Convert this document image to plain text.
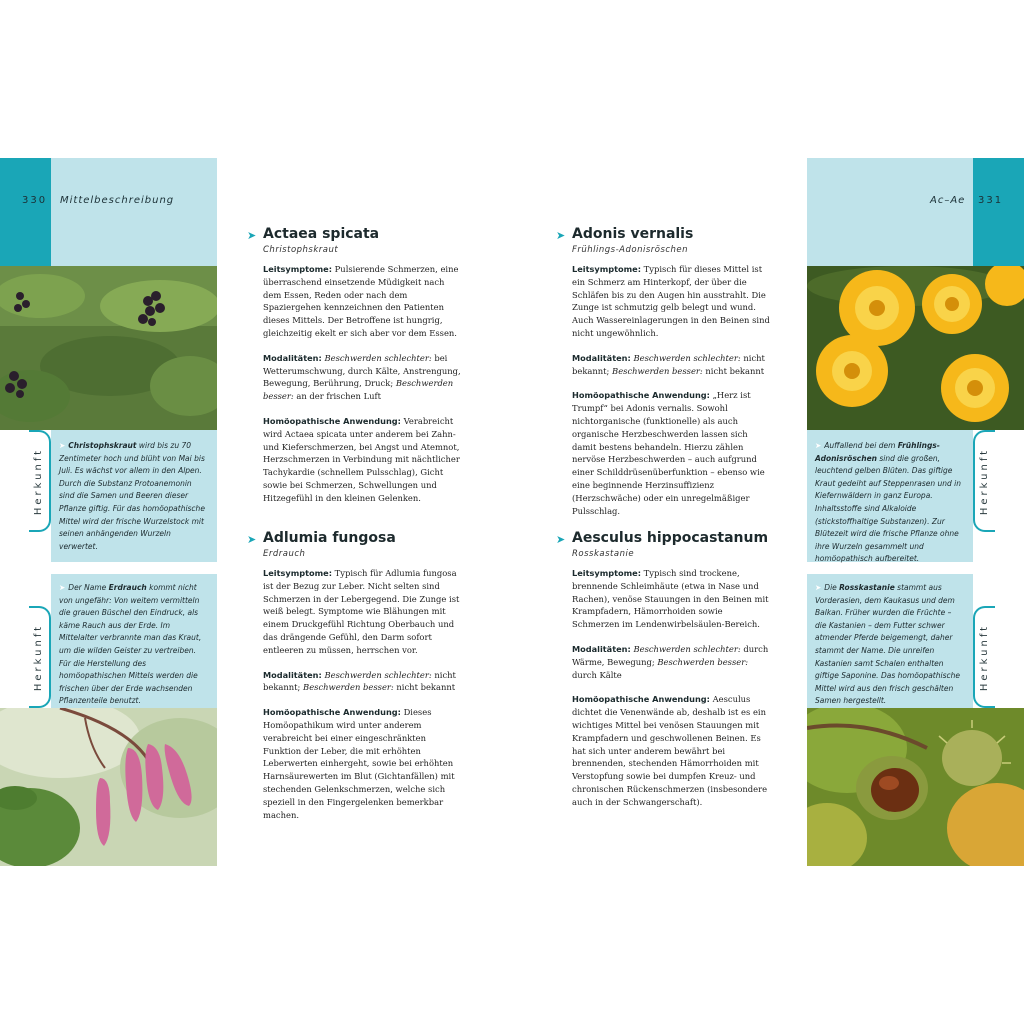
330 Mittelbeschreibung	Ac–Ae 331
➤ Christophskraut wird bis zu 70 Zentimeter hoch und blüht von Mai bis Juli. Es wächst vor allem in den Alpen. Durch die Substanz Protoanemonin sind die Samen und Beeren dieser Pflanze giftig. Für das homöopathische Mittel wird der frische Wurzelstock mit seinen anhängenden Wurzeln verwertet.
Herkunft
➤ Der Name Erdrauch kommt nicht von ungefähr: Von weitem vermitteln die grauen Büschel den Eindruck, als käme Rauch aus der Erde. Im Mittelalter verbrannte man das Kraut, um die wilden Geister zu vertreiben. Für die Herstellung des homöopathischen Mittels werden die frischen über der Erde wachsenden Pflanzenteile benutzt.
Herkunft
➤ Auffallend bei dem Frühlings-Adonisröschen sind die großen, leuchtend gelben Blüten. Das giftige Kraut gedeiht auf Steppenrasen und in Kiefernwäldern in ganz Europa. Inhaltsstoffe sind Alkaloide (stickstoffhaltige Substanzen). Zur Blütezeit wird die frische Pflanze ohne ihre Wurzeln gesammelt und homöopathisch aufbereitet.
Herkunft
➤ Die Rosskastanie stammt aus Vorderasien, dem Kaukasus und dem Balkan. Früher wurden die Früchte – die Kastanien – dem Futter schwer atmender Pferde beigemengt, daher stammt der Name. Die unreifen Kastanien samt Schalen enthalten giftige Saponine. Das homöopathische Mittel wird aus den frisch geschälten Samen hergestellt.
Herkunft
➤ Actaea spicata
Christophskraut

Leitsymptome: Pulsierende Schmerzen, eine überraschend einsetzende Müdigkeit nach dem Essen, Reden oder nach dem Spaziergehen kennzeichnen den Patienten dieses Mittels. Der Betroffene ist hungrig, gleichzeitig ekelt er sich aber vor dem Essen.

Modalitäten: Beschwerden schlechter: bei Wetterumschwung, durch Kälte, Anstrengung, Bewegung, Berührung, Druck; Beschwerden besser: an der frischen Luft

Homöopathische Anwendung: Verabreicht wird Actaea spicata unter anderem bei Zahn- und Kieferschmerzen, bei Angst und Atemnot, Herzschmerzen in Verbindung mit nächtlicher Tachykardie (schnellem Pulsschlag), Gicht sowie bei Schmerzen, Schwellungen und Hitzegefühl in den kleinen Gelenken.

➤ Adlumia fungosa
Erdrauch

Leitsymptome: Typisch für Adlumia fungosa ist der Bezug zur Leber. Nicht selten sind Schmerzen in der Lebergegend. Die Zunge ist weiß belegt. Symptome wie Blähungen mit einem Druckgefühl Richtung Oberbauch und das drängende Gefühl, den Darm sofort entleeren zu müssen, herrschen vor.

Modalitäten: Beschwerden schlechter: nicht bekannt; Beschwerden besser: nicht bekannt

Homöopathische Anwendung: Dieses Homöopathikum wird unter anderem verabreicht bei einer eingeschränkten Funktion der Leber, die mit erhöhten Leberwerten einhergeht, sowie bei erhöhten Harnsäurewerten im Blut (Gichtanfällen) mit stechenden Gelenkschmerzen, welche sich speziell in den Fingergelenken bemerkbar machen.

➤ Adonis vernalis
Frühlings-Adonisröschen

Leitsymptome: Typisch für dieses Mittel ist ein Schmerz am Hinterkopf, der über die Schläfen bis zu den Augen hin ausstrahlt. Die Zunge ist schmutzig gelb belegt und wund. Auch Wassereinlagerungen in den Beinen sind nicht ungewöhnlich.

Modalitäten: Beschwerden schlechter: nicht bekannt; Beschwerden besser: nicht bekannt

Homöopathische Anwendung: „Herz ist Trumpf“ bei Adonis vernalis. Sowohl nichtorganische (funktionelle) als auch organische Herzbeschwerden lassen sich damit bestens behandeln. Hierzu zählen nervöse Herzbeschwerden – auch aufgrund einer Schilddrüsenüberfunktion – ebenso wie eine beginnende Herzinsuffizienz (Herzschwäche) oder ein unregelmäßiger Pulsschlag.

➤ Aesculus hippocastanum
Rosskastanie

Leitsymptome: Typisch sind trockene, brennende Schleimhäute (etwa in Nase und Rachen), venöse Stauungen in den Beinen mit Krampfadern, Hämorrhoiden sowie Schmerzen im Lendenwirbelsäulen-Bereich.

Modalitäten: Beschwerden schlechter: durch Wärme, Bewegung; Beschwerden besser: durch Kälte

Homöopathische Anwendung: Aesculus dichtet die Venenwände ab, deshalb ist es ein wichtiges Mittel bei venösen Stauungen mit Krampfadern und geschwollenen Beinen. Es hat sich unter anderem bewährt bei brennenden, stechenden Hämorrhoiden mit Verstopfung sowie bei dumpfen Kreuz- und chronischen Rückenschmerzen (insbesondere auch in der Schwangerschaft).
